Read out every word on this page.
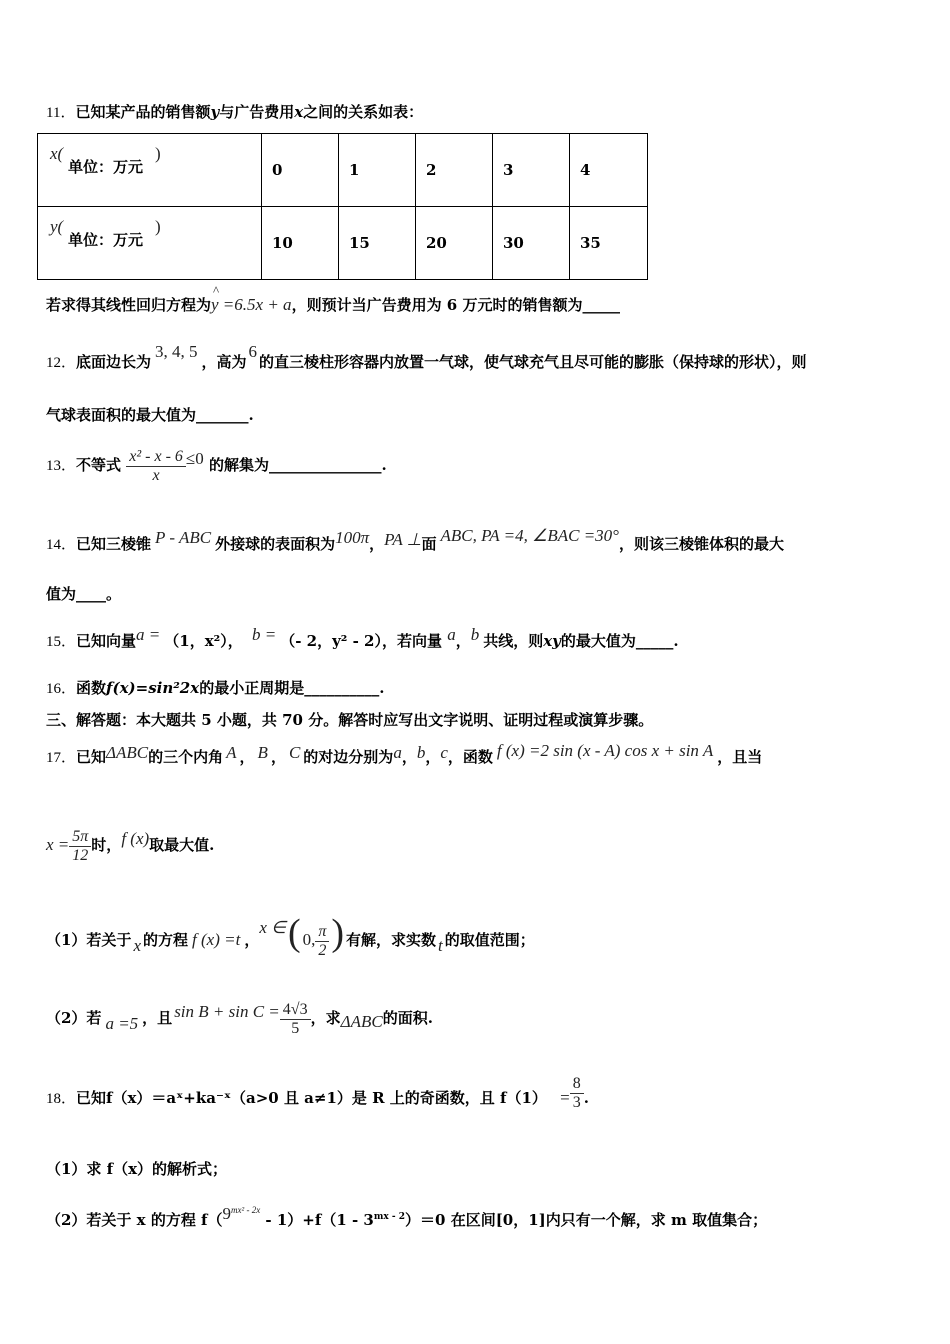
11．已知某产品的销售额y与广告费用x之间的关系如表：
x(
单位：万元
)	0	1	2	3	4

y(
单位：万元
)	10	15	20	30	35
若求得其线性回归方程为
^
y =6.5x + a，则预计当广告费用为 6 万元时的销售额为_____
12．底面边长为3, 4, 5，高为6的直三棱柱形容器内放置一气球，使气球充气且尽可能的膨胀（保持球的形状），则
气球表面积的最大值为_______.
13．不等式 $\frac{\text{x² - x - 6}}{x} \le 0$ 的解集为_______________.
14．已知三棱锥 P - ABC 外接球的表面积为100π，PA ⊥面 ABC, PA =4, ∠BAC =30°，则该三棱锥体积的最大
值为____。
15．已知向量a = （1，x²）， b = （- 2，y² - 2），若向量 a，b 共线，则xy的最大值为_____.
16．函数f(x)=sin²2x的最小正周期是__________.
三、解答题：本大题共 5 小题，共 70 分。解答时应写出文字说明、证明过程或演算步骤。
17．已知ΔABC的三个内角 A ， B ， C 的对边分别为a，b，c，函数 f (x) =2 sin (x - A) cos x + sin A ，且当
$x = \frac{5\pi}{12}$ 时，f (x)取最大值.
（1）若关于 x 的方程 f (x) =t ，x ∈( 0, $\frac{\pi}{2}$ ) 有解，求实数 t 的取值范围；
（2）若 a =5 ，且 $\sin B + \sin C = \frac{4√3}{5}$ ，求ΔABC的面积.
18．已知f（x）＝aˣ+ka⁻ˣ（a>0 且 a≠1）是 R 上的奇函数，且 $f(1) = \frac{8}{3}$ .
（1）求 f（x）的解析式；
（2）若关于 x 的方程 $f(9^{mx^2 - 2x} - 1)+f(1 - 3^{mx - 2})=0$ 在区间[0，1]内只有一个解，求 m 取值集合；
